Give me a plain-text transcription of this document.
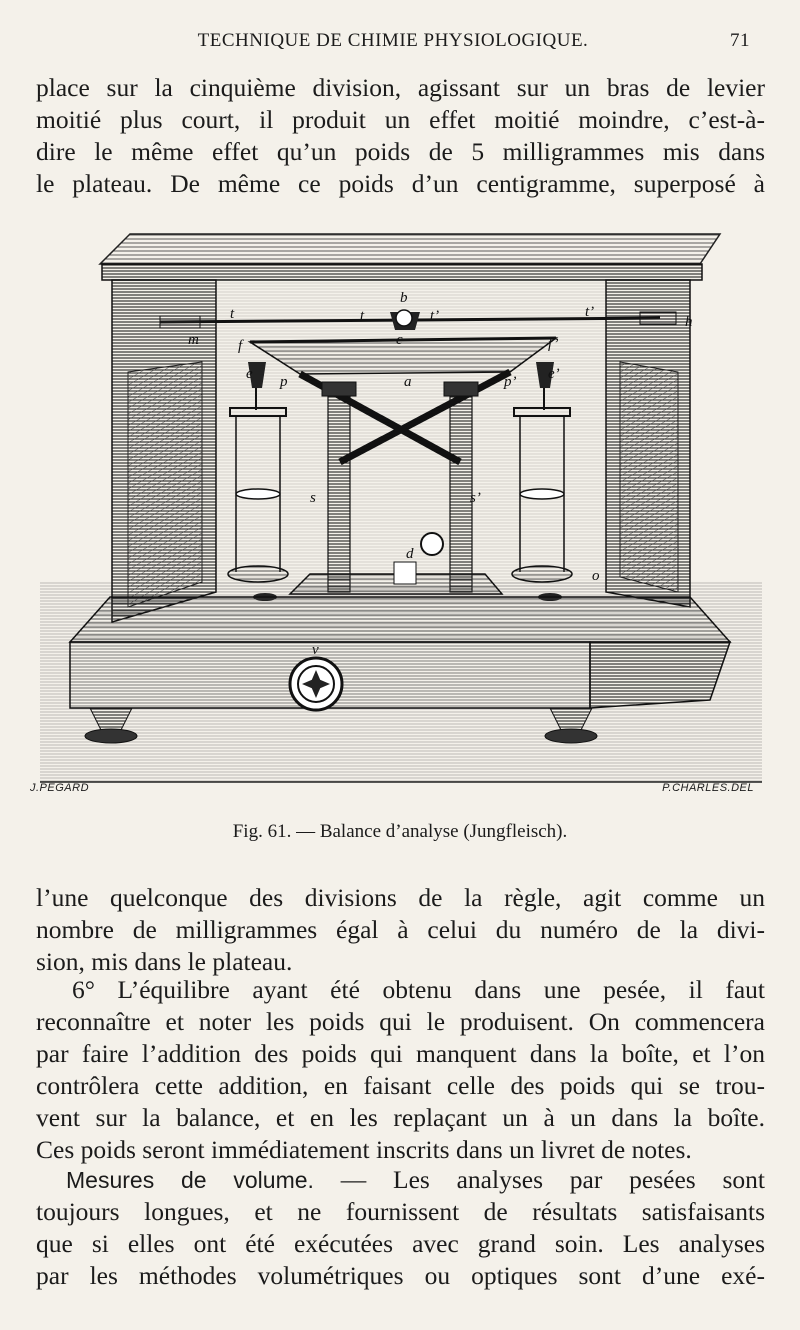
TECHNIQUE DE CHIMIE PHYSIOLOGIQUE.	71

place sur la cinquième division, agissant sur un bras de levier
moitié plus court, il produit un effet moitié moindre, c’est-à-
dire le même effet qu’un poids de 5 milligrammes mis dans
le plateau. De même ce poids d’un centigramme, superposé à

b
t	t	t’	t’
h
m	f	c	f’
e p	a	p’ e’
s	s’
d
o
v
J.PEGARD	P.CHARLES.DEL
Fig. 61. — Balance d’analyse (Jungfleisch).

l’une quelconque des divisions de la règle, agit comme un
nombre de milligrammes égal à celui du numéro de la divi-
sion, mis dans le plateau.

6° L’équilibre ayant été obtenu dans une pesée, il faut
reconnaître et noter les poids qui le produisent. On commencera
par faire l’addition des poids qui manquent dans la boîte, et l’on
contrôlera cette addition, en faisant celle des poids qui se trou-
vent sur la balance, et en les replaçant un à un dans la boîte.
Ces poids seront immédiatement inscrits dans un livret de notes.

Mesures de volume. — Les analyses par pesées sont
toujours longues, et ne fournissent de résultats satisfaisants
que si elles ont été exécutées avec grand soin. Les analyses
par les méthodes volumétriques ou optiques sont d’une exé-
